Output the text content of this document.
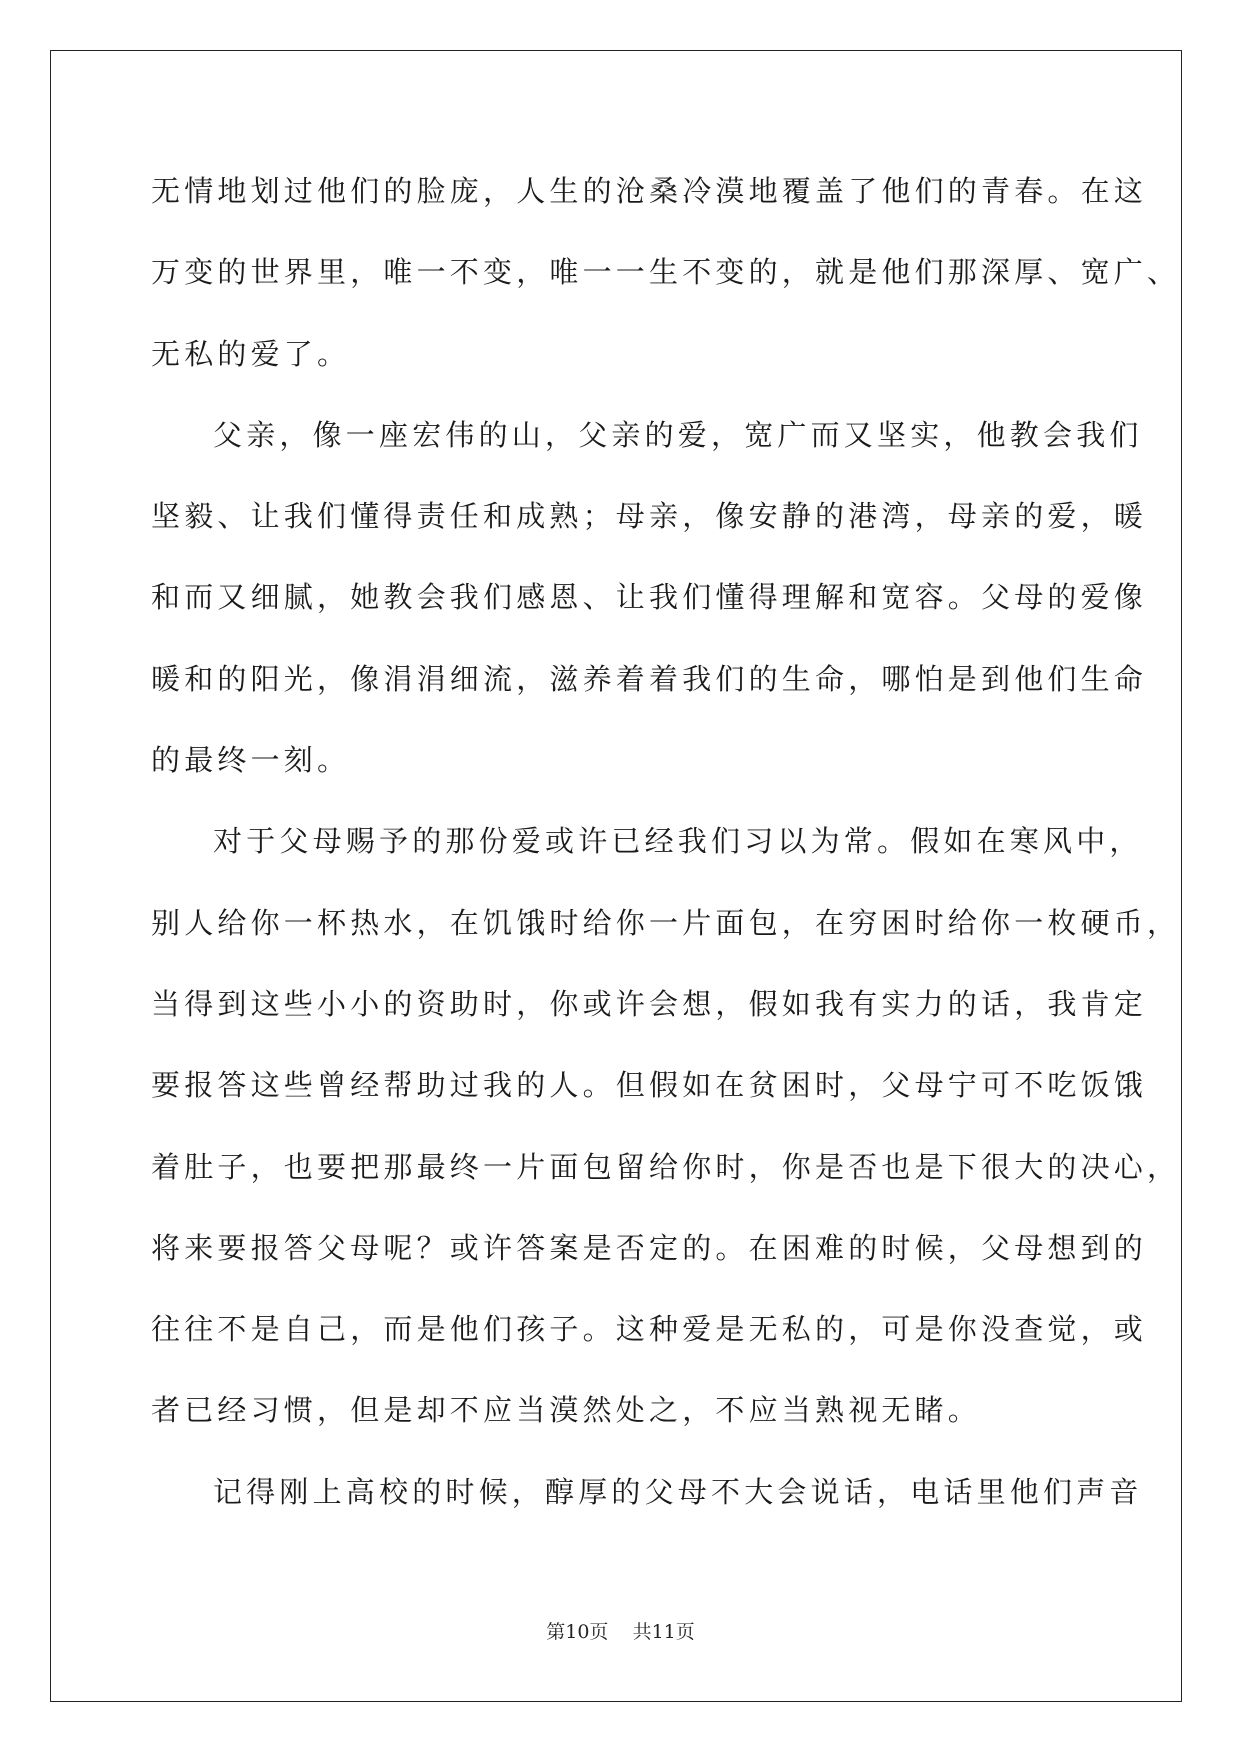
无情地划过他们的脸庞，人生的沧桑冷漠地覆盖了他们的青春。在这
万变的世界里，唯一不变，唯一一生不变的，就是他们那深厚、宽广、
无私的爱了。
父亲，像一座宏伟的山，父亲的爱，宽广而又坚实，他教会我们
坚毅、让我们懂得责任和成熟；母亲，像安静的港湾，母亲的爱，暖
和而又细腻，她教会我们感恩、让我们懂得理解和宽容。父母的爱像
暖和的阳光，像涓涓细流，滋养着着我们的生命，哪怕是到他们生命
的最终一刻。
对于父母赐予的那份爱或许已经我们习以为常。假如在寒风中，
别人给你一杯热水，在饥饿时给你一片面包，在穷困时给你一枚硬币，
当得到这些小小的资助时，你或许会想，假如我有实力的话，我肯定
要报答这些曾经帮助过我的人。但假如在贫困时，父母宁可不吃饭饿
着肚子，也要把那最终一片面包留给你时，你是否也是下很大的决心，
将来要报答父母呢？或许答案是否定的。在困难的时候，父母想到的
往往不是自己，而是他们孩子。这种爱是无私的，可是你没查觉，或
者已经习惯，但是却不应当漠然处之，不应当熟视无睹。
记得刚上高校的时候，醇厚的父母不大会说话，电话里他们声音
第10页    共11页
